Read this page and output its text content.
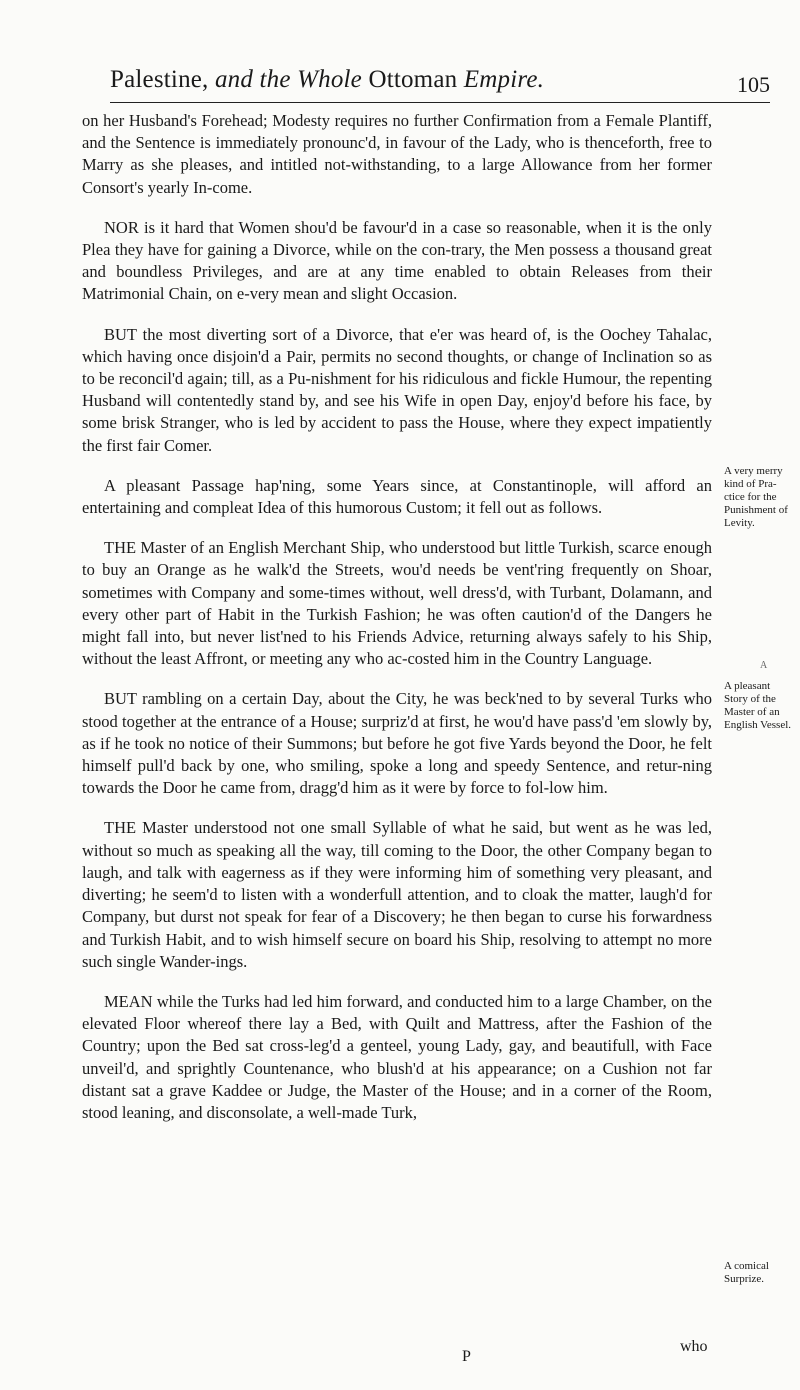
Palestine, and the Whole Ottoman Empire.	105

on her Husband's Forehead; Modesty requires no further Confirmation from a Female Plantiff, and the Sentence is immediately pronounc'd, in favour of the Lady, who is thenceforth, free to Marry as she pleases, and intitled not-withstanding, to a large Allowance from her former Consort's yearly In-come.

NOR is it hard that Women shou'd be favour'd in a case so reasonable, when it is the only Plea they have for gaining a Divorce, while on the con-trary, the Men possess a thousand great and boundless Privileges, and are at any time enabled to obtain Releases from their Matrimonial Chain, on e-very mean and slight Occasion.

BUT the most diverting sort of a Divorce, that e'er was heard of, is the Oochey Tahalac, which having once disjoin'd a Pair, permits no second thoughts, or change of Inclination so as to be reconcil'd again; till, as a Pu-nishment for his ridiculous and fickle Humour, the repenting Husband will contentedly stand by, and see his Wife in open Day, enjoy'd before his face, by some brisk Stranger, who is led by accident to pass the House, where they expect impatiently the first fair Comer.

A pleasant Passage hap'ning, some Years since, at Constantinople, will afford an entertaining and compleat Idea of this humorous Custom; it fell out as follows.

THE Master of an English Merchant Ship, who understood but little Turkish, scarce enough to buy an Orange as he walk'd the Streets, wou'd needs be vent'ring frequently on Shoar, sometimes with Company and some-times without, well dress'd, with Turbant, Dolamann, and every other part of Habit in the Turkish Fashion; he was often caution'd of the Dangers he might fall into, but never list'ned to his Friends Advice, returning always safely to his Ship, without the least Affront, or meeting any who ac-costed him in the Country Language.

BUT rambling on a certain Day, about the City, he was beck'ned to by several Turks who stood together at the entrance of a House; surpriz'd at first, he wou'd have pass'd 'em slowly by, as if he took no notice of their Summons; but before he got five Yards beyond the Door, he felt himself pull'd back by one, who smiling, spoke a long and speedy Sentence, and retur-ning towards the Door he came from, dragg'd him as it were by force to fol-low him.

THE Master understood not one small Syllable of what he said, but went as he was led, without so much as speaking all the way, till coming to the Door, the other Company began to laugh, and talk with eagerness as if they were informing him of something very pleasant, and diverting; he seem'd to listen with a wonderfull attention, and to cloak the matter, laugh'd for Company, but durst not speak for fear of a Discovery; he then began to curse his forwardness and Turkish Habit, and to wish himself secure on board his Ship, resolving to attempt no more such single Wander-ings.

MEAN while the Turks had led him forward, and conducted him to a large Chamber, on the elevated Floor whereof there lay a Bed, with Quilt and Mattress, after the Fashion of the Country; upon the Bed sat cross-leg'd a genteel, young Lady, gay, and beautifull, with Face unveil'd, and sprightly Countenance, who blush'd at his appearance; on a Cushion not far distant sat a grave Kaddee or Judge, the Master of the House; and in a corner of the Room, stood leaning, and disconsolate, a well-made Turk,

A very merry kind of Pra-ctice for the Punishment of Levity.
A pleasant Story of the Master of an English Vessel.
A comical Surprize.
A
P
who
